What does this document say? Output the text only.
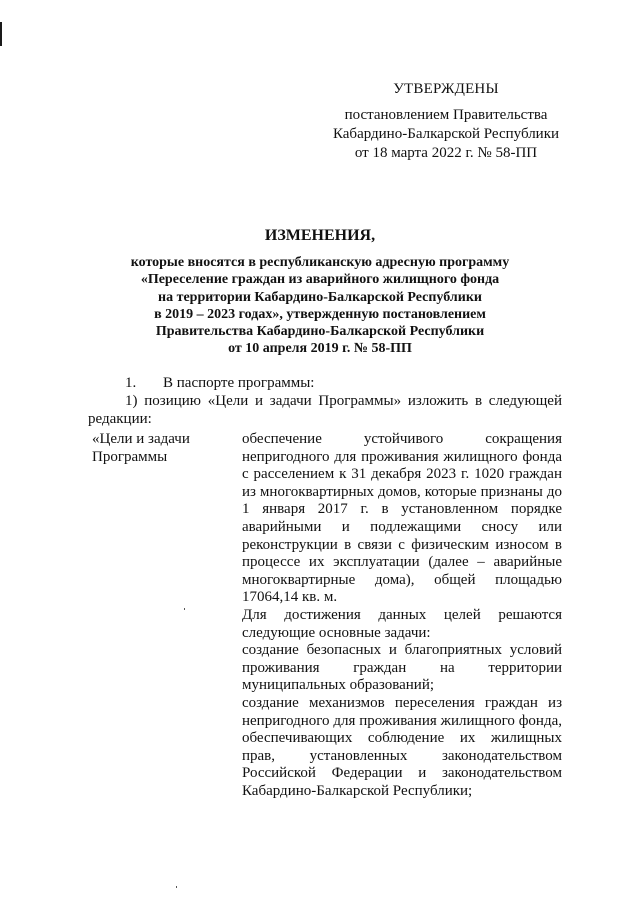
УТВЕРЖДЕНЫ
постановлением Правительства
Кабардино-Балкарской Республики
от 18 марта 2022 г. № 58-ПП
ИЗМЕНЕНИЯ,
которые вносятся в республиканскую адресную программу
«Переселение граждан из аварийного жилищного фонда
на территории Кабардино-Балкарской Республики
в 2019 – 2023 годах», утвержденную постановлением
Правительства Кабардино-Балкарской Республики
от 10 апреля 2019 г. № 58-ПП
1. В паспорте программы:
1) позицию «Цели и задачи Программы» изложить в следующей редакции:
«Цели и задачи Программы

обеспечение устойчивого сокращения непригодного для проживания жилищного фонда с расселением к 31 декабря 2023 г. 1020 граждан из многоквартирных домов, которые признаны до 1 января 2017 г. в установленном порядке аварийными и подлежащими сносу или реконструкции в связи с физическим износом в процессе их эксплуатации (далее – аварийные многоквартирные дома), общей площадью 17064,14 кв. м.

Для достижения данных целей решаются следующие основные задачи:

создание безопасных и благоприятных условий проживания граждан на территории муниципальных образований;

создание механизмов переселения граждан из непригодного для проживания жилищного фонда, обеспечивающих соблюдение их жилищных прав, установленных законодательством Российской Федерации и законодательством Кабардино-Балкарской Республики;
